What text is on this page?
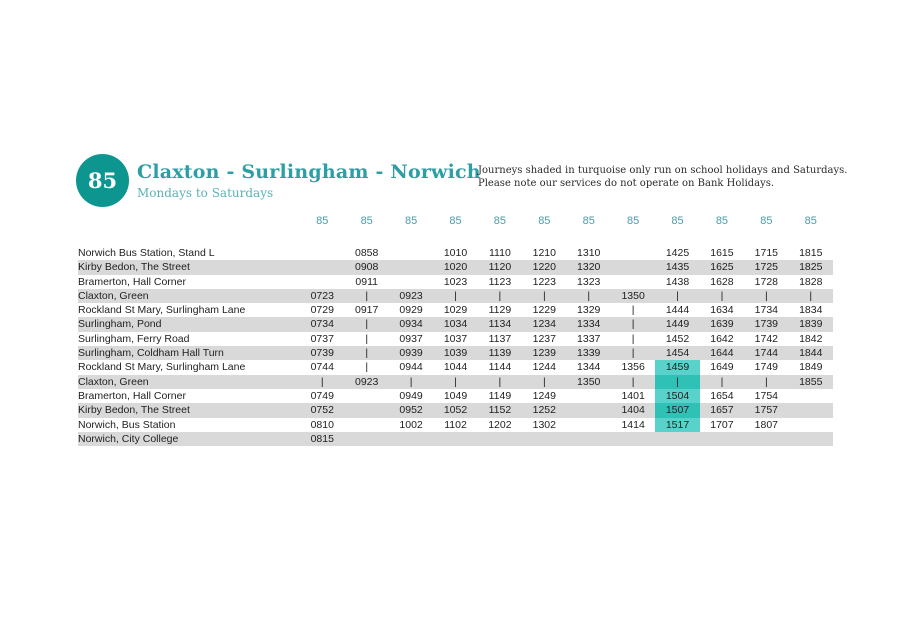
85 Claxton - Surlingham - Norwich
Mondays to Saturdays
Journeys shaded in turquoise only run on school holidays and Saturdays.
Please note our services do not operate on Bank Holidays.
	85	85	85	85	85	85	85	85	85	85	85	85
Norwich Bus Station, Stand L		0858		1010	1110	1210	1310		1425	1615	1715	1815
Kirby Bedon, The Street		0908		1020	1120	1220	1320		1435	1625	1725	1825
Bramerton, Hall Corner		0911		1023	1123	1223	1323		1438	1628	1728	1828
Claxton, Green	0723	|	0923	|	|	|	|	1350	|	|	|	|
Rockland St Mary, Surlingham Lane	0729	0917	0929	1029	1129	1229	1329	|	1444	1634	1734	1834
Surlingham, Pond	0734	|	0934	1034	1134	1234	1334	|	1449	1639	1739	1839
Surlingham, Ferry Road	0737	|	0937	1037	1137	1237	1337	|	1452	1642	1742	1842
Surlingham, Coldham Hall Turn	0739	|	0939	1039	1139	1239	1339	|	1454	1644	1744	1844
Rockland St Mary, Surlingham Lane	0744	|	0944	1044	1144	1244	1344	1356	1459	1649	1749	1849
Claxton, Green	|	0923	|	|	|	|	1350	|	|	|	|	1855
Bramerton, Hall Corner	0749		0949	1049	1149	1249		1401	1504	1654	1754	
Kirby Bedon, The Street	0752		0952	1052	1152	1252		1404	1507	1657	1757	
Norwich, Bus Station	0810		1002	1102	1202	1302		1414	1517	1707	1807	
Norwich, City College	0815											
